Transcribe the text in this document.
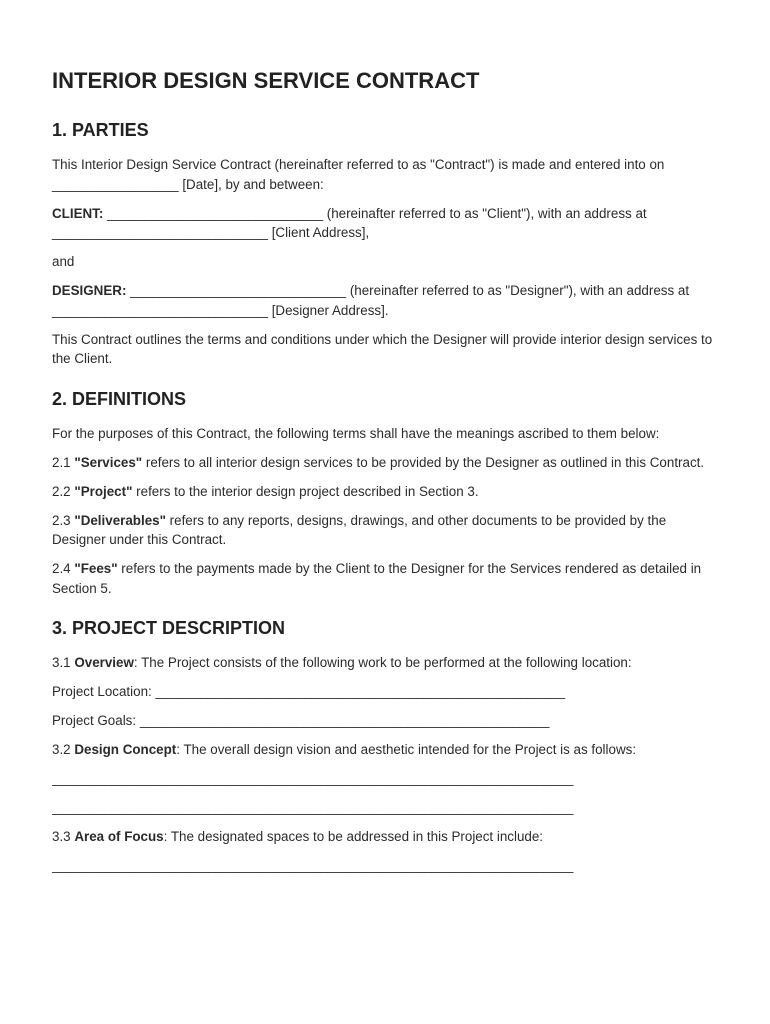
INTERIOR DESIGN SERVICE CONTRACT
1. PARTIES

This Interior Design Service Contract (hereinafter referred to as "Contract") is made and entered into on _________________ [Date], by and between:

CLIENT: _____________________________ (hereinafter referred to as "Client"), with an address at _____________________________ [Client Address],

and

DESIGNER: _____________________________ (hereinafter referred to as "Designer"), with an address at _____________________________ [Designer Address].

This Contract outlines the terms and conditions under which the Designer will provide interior design services to the Client.

2. DEFINITIONS

For the purposes of this Contract, the following terms shall have the meanings ascribed to them below:

2.1 "Services" refers to all interior design services to be provided by the Designer as outlined in this Contract.

2.2 "Project" refers to the interior design project described in Section 3.

2.3 "Deliverables" refers to any reports, designs, drawings, and other documents to be provided by the Designer under this Contract.

2.4 "Fees" refers to the payments made by the Client to the Designer for the Services rendered as detailed in Section 5.

3. PROJECT DESCRIPTION

3.1 Overview: The Project consists of the following work to be performed at the following location:

Project Location: _______________________________________________________

Project Goals: _______________________________________________________

3.2 Design Concept: The overall design vision and aesthetic intended for the Project is as follows:

______________________________________________________________________
______________________________________________________________________

3.3 Area of Focus: The designated spaces to be addressed in this Project include:

______________________________________________________________________
